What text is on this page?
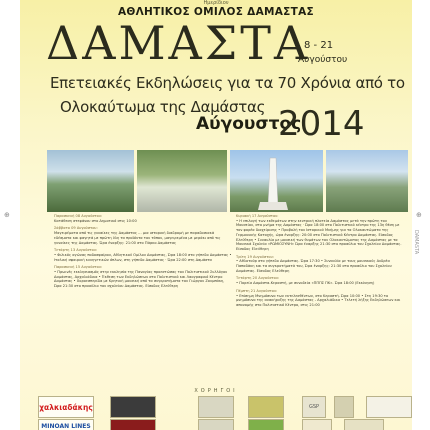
Ημερίδιον
ΑΘΛΗΤΙΚΟΣ ΟΜΙΛΟΣ ΔΑΜΑΣΤΑΣ
ΔΑΜΑΣΤΑ
8 - 21
Αυγούστου
Επετειακές Εκδηλώσεις για τα 70 Χρόνια από το
Ολοκαύτωμα της Δαμάστας
Αύγουστος
2014

Παρασκευή 08 Αυγούστου:
Κατάθεση στεφάνου στο Δημοτικό στις 10:00

Σάββατο 09 Αυγούστου:
Μαγειρέματα από τις γυναίκες της Δαμάστας ... μια ιστορική διαδρομή με παραδοσιακά εδέσματα και φαγητά με πρώτη ύλη τα προϊόντα του τόπου, μαγειρεμένα με μεράκι από τις γυναίκες της Δαμάστας. Ώρα έναρξης: 21:00 στο Πάρκο Δαμάστας

Τετάρτη 13 Αυγούστου:
• Φιλικός αγώνας ποδοσφαίρου, Αθλητικού Ομίλου Δαμάστας, Ώρα 18:00 στο γήπεδο Δαμάστας • Ιταλική σφαιρική κυνηγετικών όπλων, στη γήπεδο Δαμάστας · Ώρα 22:00 στη Δαμάστα

Παρασκευή 15 Αυγούστου:
• Πρωινές εκκλησιασμός στην εκκλησία της Παναγίας προεστώσας του Πολιτιστικού Συλλόγου Δαμάστας, Αρχαλιάδικα • Έκθεση των Εκδηλώσεων στο Πολιτιστικό και Λαογραφικό Κέντρο Δαμάστας • Χοροεσπερίδα με Κρητική μουσική από τα συγκροτήματα του Γιώργου Ζουμπάκη, Ώρα 21:30 στο προαύλιο του σχολείου Δαμάστας. Είσοδος Ελεύθερη

Κυριακή 17 Αυγούστου:
• Η επιλογή των εκθεμάτων στην κεντρική πλατεία Δαμάστας μετά την πρώτη του Μουσείου, στο μνήμα της Δαμάστας · Ώρα 18:00 στο Πολιτιστικό κέντρο της 13η θέση με τον φορέα διαχείρισης • Προβολή του Ιστορικού Μνήμης για τα Ολοκαυτώματα της Γερμανικής Κατοχής, ώρα έναρξης: 20:00 στο Πολιτιστικό Κέντρο Δαμάστας. Είσοδος Ελεύθερη • Συναυλία με μουσική των θυμάτων του Ολοκαυτώματος της Δαμάστας με τα Μουσικά Σχολεία «ΡΩΜΙΟΣΥΝΗ» Ώρα έναρξης 21:30 στο προαύλιο του Σχολείου Δαμάστας. Είσοδος Ελεύθερη

Τρίτη 19 Αυγούστου:
• Αθλοτούρ στο γήπεδο Δαμάστας. Ώρα 17:30 • Συναυλία με τους μουσικούς Ανδρέα Παπαδάκη και τα συγκροτήματά του, Ώρα έναρξης: 21:30 στο προαύλιο του Σχολείου Δαμάστας. Είσοδος Ελεύθερη

Τετάρτη 20 Αυγούστου:
• Πορεία Δαμάστα-Κεραστή, με συνοδεία «ΠΠΠΣ ΠΚ». Ώρα 18:00 (Εκκίνηση)

Πέμπτη 21 Αυγούστου:
• Επίσημη Μνημόσυνο των εκτελεσθέντων, στο Κεραστή. Ώρα 10:00 • Στη 19:30 το μνημόσυνο της ανακήρυξης της Δαμάστας - Αρχαλιάδικα • Τελετή λήξης Εκδηλώσεων και απονομής στο Πολιτιστικό Κέντρο, στις 21:00

ΧΟΡΗΓΟΙ
χαλκιαδάκης	GSP
MINOAN LINES
⊕	⊕
DAMASTA
